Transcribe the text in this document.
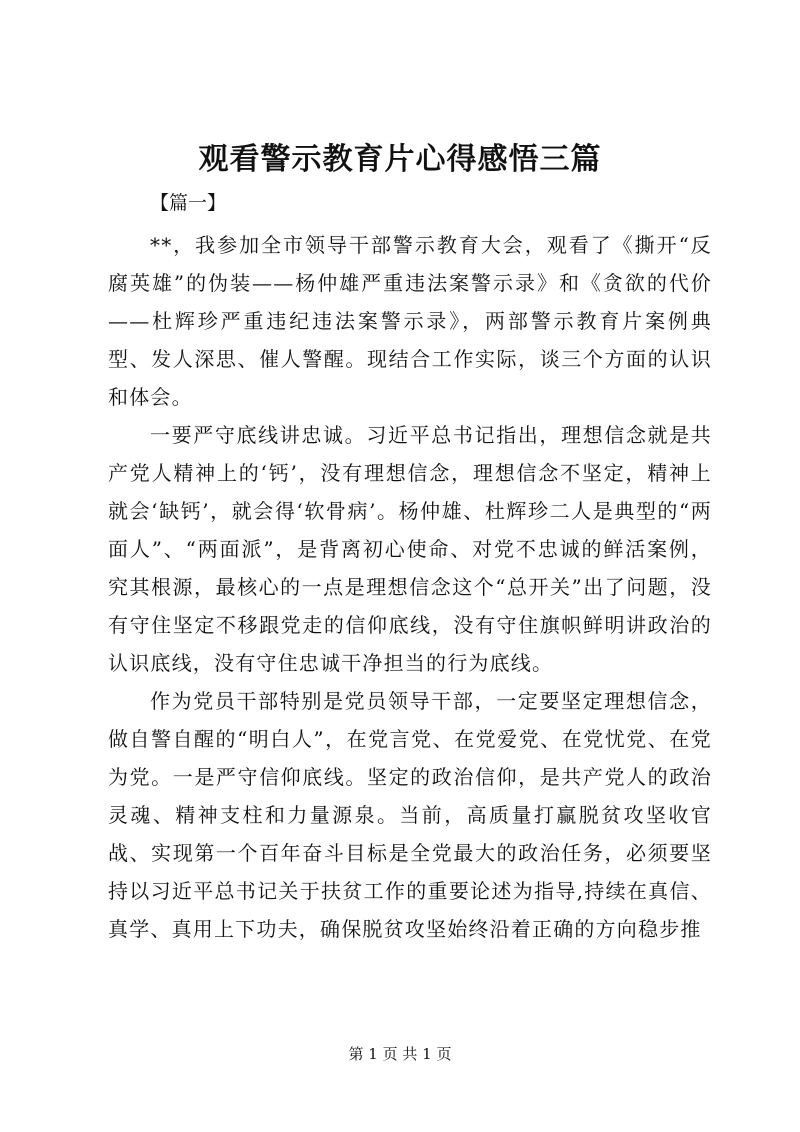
观看警示教育片心得感悟三篇

【篇一】

**，我参加全市领导干部警示教育大会，观看了《撕开“反腐英雄”的伪装——杨仲雄严重违法案警示录》和《贪欲的代价——杜辉珍严重违纪违法案警示录》，两部警示教育片案例典型、发人深思、催人警醒。现结合工作实际，谈三个方面的认识和体会。

一要严守底线讲忠诚。习近平总书记指出，理想信念就是共产党人精神上的‘钙’，没有理想信念，理想信念不坚定，精神上就会‘缺钙’，就会得‘软骨病’。杨仲雄、杜辉珍二人是典型的“两面人”、“两面派”，是背离初心使命、对党不忠诚的鲜活案例，究其根源，最核心的一点是理想信念这个“总开关”出了问题，没有守住坚定不移跟党走的信仰底线，没有守住旗帜鲜明讲政治的认识底线，没有守住忠诚干净担当的行为底线。

作为党员干部特别是党员领导干部，一定要坚定理想信念，做自警自醒的“明白人”，在党言党、在党爱党、在党忧党、在党为党。一是严守信仰底线。坚定的政治信仰，是共产党人的政治灵魂、精神支柱和力量源泉。当前，高质量打赢脱贫攻坚收官战、实现第一个百年奋斗目标是全党最大的政治任务，必须要坚持以习近平总书记关于扶贫工作的重要论述为指导,持续在真信、真学、真用上下功夫，确保脱贫攻坚始终沿着正确的方向稳步推

第 1 页 共 1 页
